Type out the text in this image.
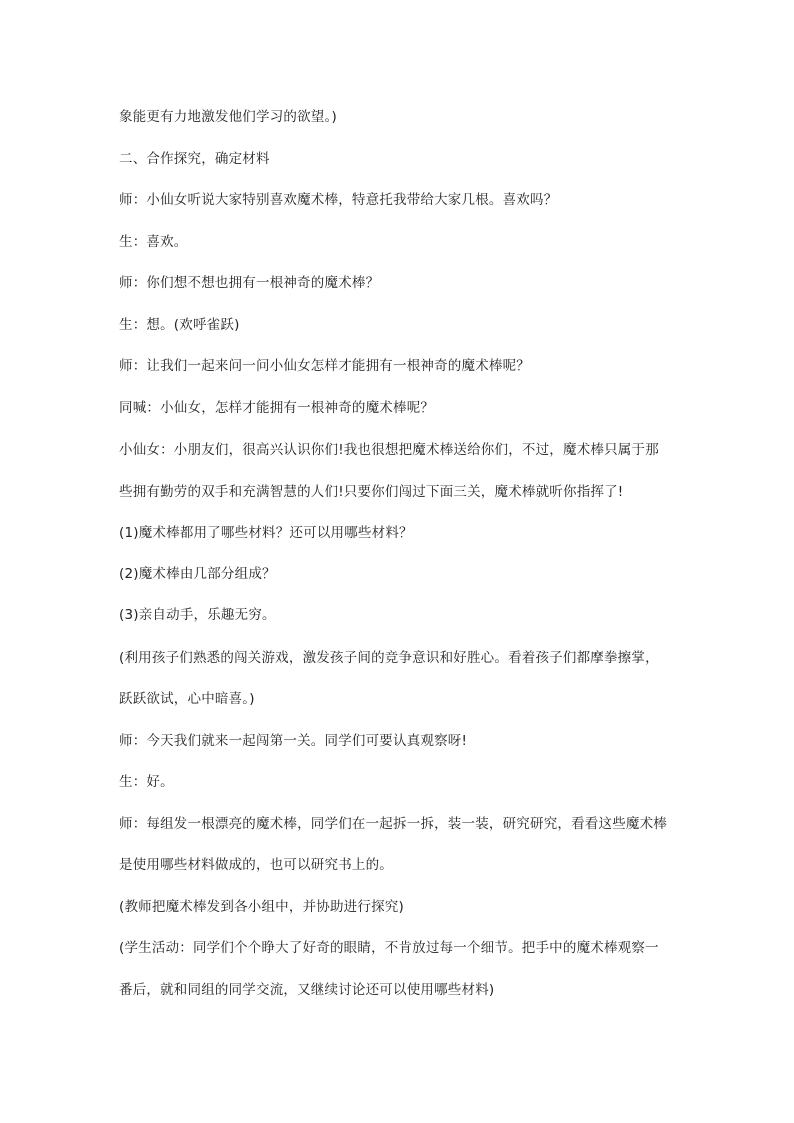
象能更有力地激发他们学习的欲望。)
二、合作探究，确定材料
师：小仙女听说大家特别喜欢魔术棒，特意托我带给大家几根。喜欢吗？
生：喜欢。
师：你们想不想也拥有一根神奇的魔术棒？
生：想。(欢呼雀跃)
师：让我们一起来问一问小仙女怎样才能拥有一根神奇的魔术棒呢？
同喊：小仙女，怎样才能拥有一根神奇的魔术棒呢？
小仙女：小朋友们，很高兴认识你们!我也很想把魔术棒送给你们，不过，魔术棒只属于那
些拥有勤劳的双手和充满智慧的人们!只要你们闯过下面三关，魔术棒就听你指挥了!
(1)魔术棒都用了哪些材料？还可以用哪些材料？
(2)魔术棒由几部分组成？
(3)亲自动手，乐趣无穷。
(利用孩子们熟悉的闯关游戏，激发孩子间的竞争意识和好胜心。看着孩子们都摩拳擦掌，
跃跃欲试，心中暗喜。)
师：今天我们就来一起闯第一关。同学们可要认真观察呀!
生：好。
师：每组发一根漂亮的魔术棒，同学们在一起拆一拆，装一装，研究研究，看看这些魔术棒
是使用哪些材料做成的，也可以研究书上的。
(教师把魔术棒发到各小组中，并协助进行探究)
(学生活动：同学们个个睁大了好奇的眼睛，不肯放过每一个细节。把手中的魔术棒观察一
番后，就和同组的同学交流，又继续讨论还可以使用哪些材料)
